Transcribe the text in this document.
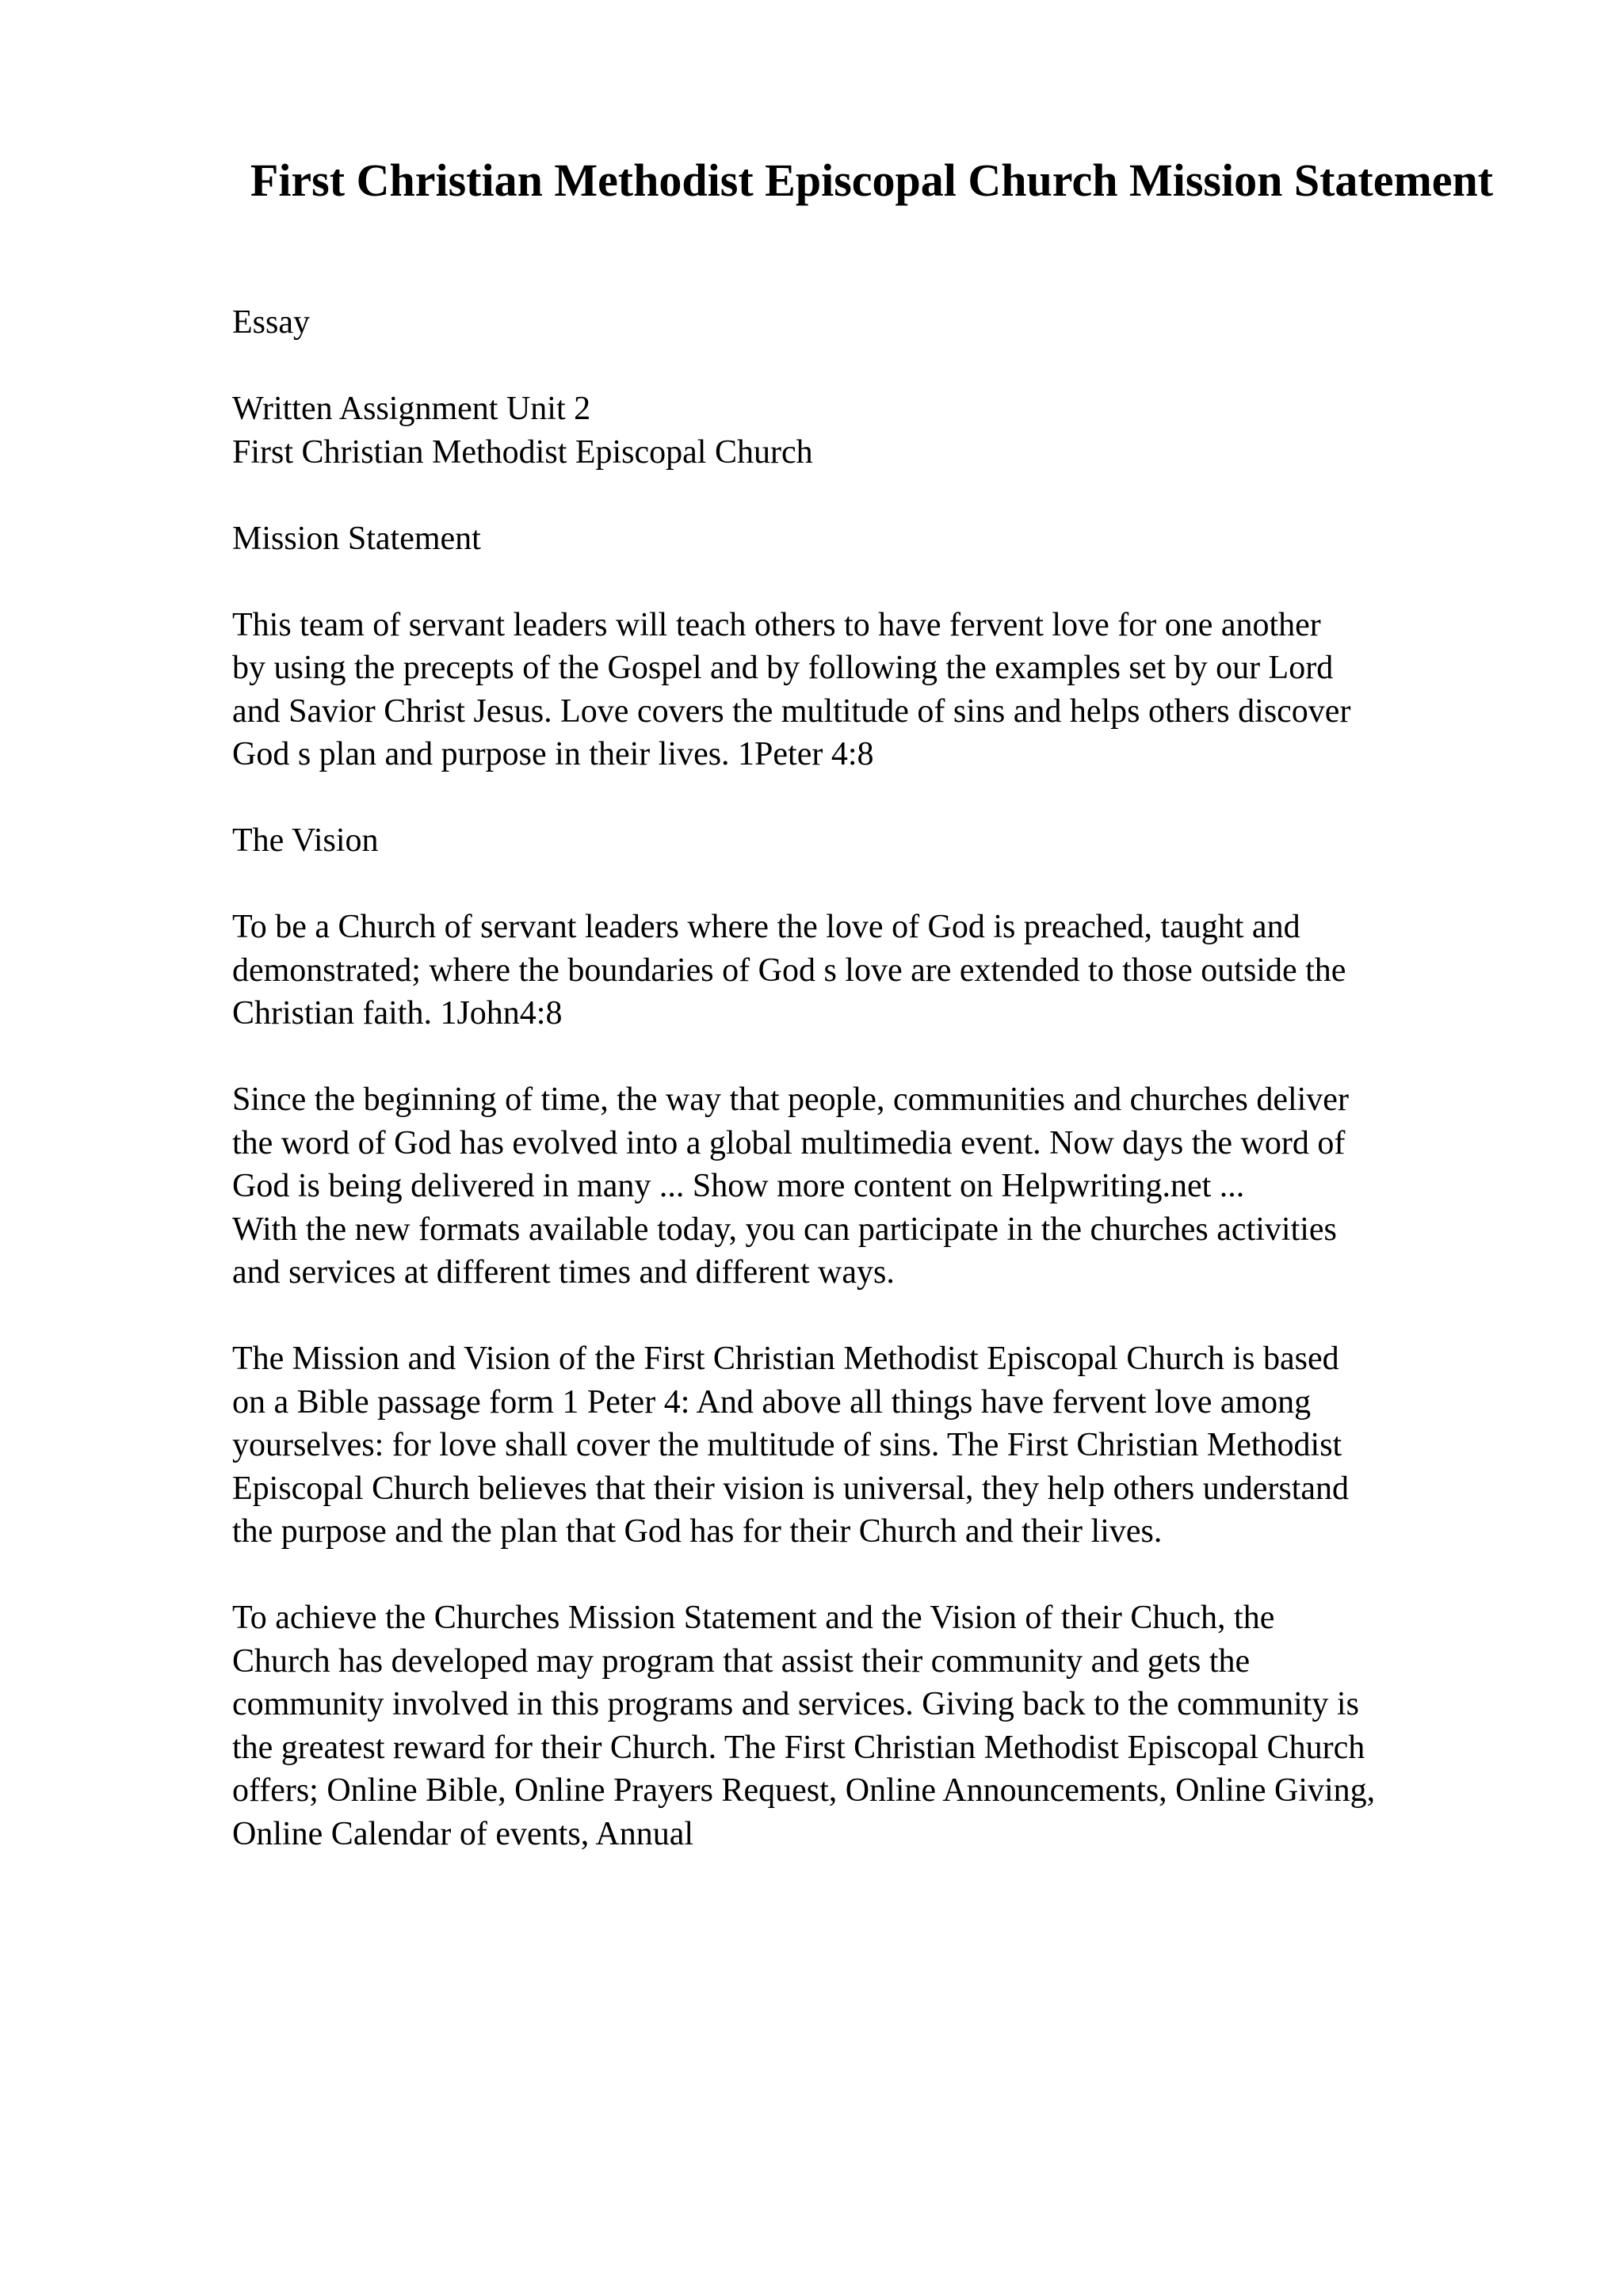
First Christian Methodist Episcopal Church Mission Statement

Essay

Written Assignment Unit 2
First Christian Methodist Episcopal Church

Mission Statement

This team of servant leaders will teach others to have fervent love for one another
by using the precepts of the Gospel and by following the examples set by our Lord
and Savior Christ Jesus. Love covers the multitude of sins and helps others discover
God s plan and purpose in their lives. 1Peter 4:8

The Vision

To be a Church of servant leaders where the love of God is preached, taught and
demonstrated; where the boundaries of God s love are extended to those outside the
Christian faith. 1John4:8

Since the beginning of time, the way that people, communities and churches deliver
the word of God has evolved into a global multimedia event. Now days the word of
God is being delivered in many ... Show more content on Helpwriting.net ...
With the new formats available today, you can participate in the churches activities
and services at different times and different ways.

The Mission and Vision of the First Christian Methodist Episcopal Church is based
on a Bible passage form 1 Peter 4: And above all things have fervent love among
yourselves: for love shall cover the multitude of sins. The First Christian Methodist
Episcopal Church believes that their vision is universal, they help others understand
the purpose and the plan that God has for their Church and their lives.

To achieve the Churches Mission Statement and the Vision of their Chuch, the
Church has developed may program that assist their community and gets the
community involved in this programs and services. Giving back to the community is
the greatest reward for their Church. The First Christian Methodist Episcopal Church
offers; Online Bible, Online Prayers Request, Online Announcements, Online Giving,
Online Calendar of events, Annual
